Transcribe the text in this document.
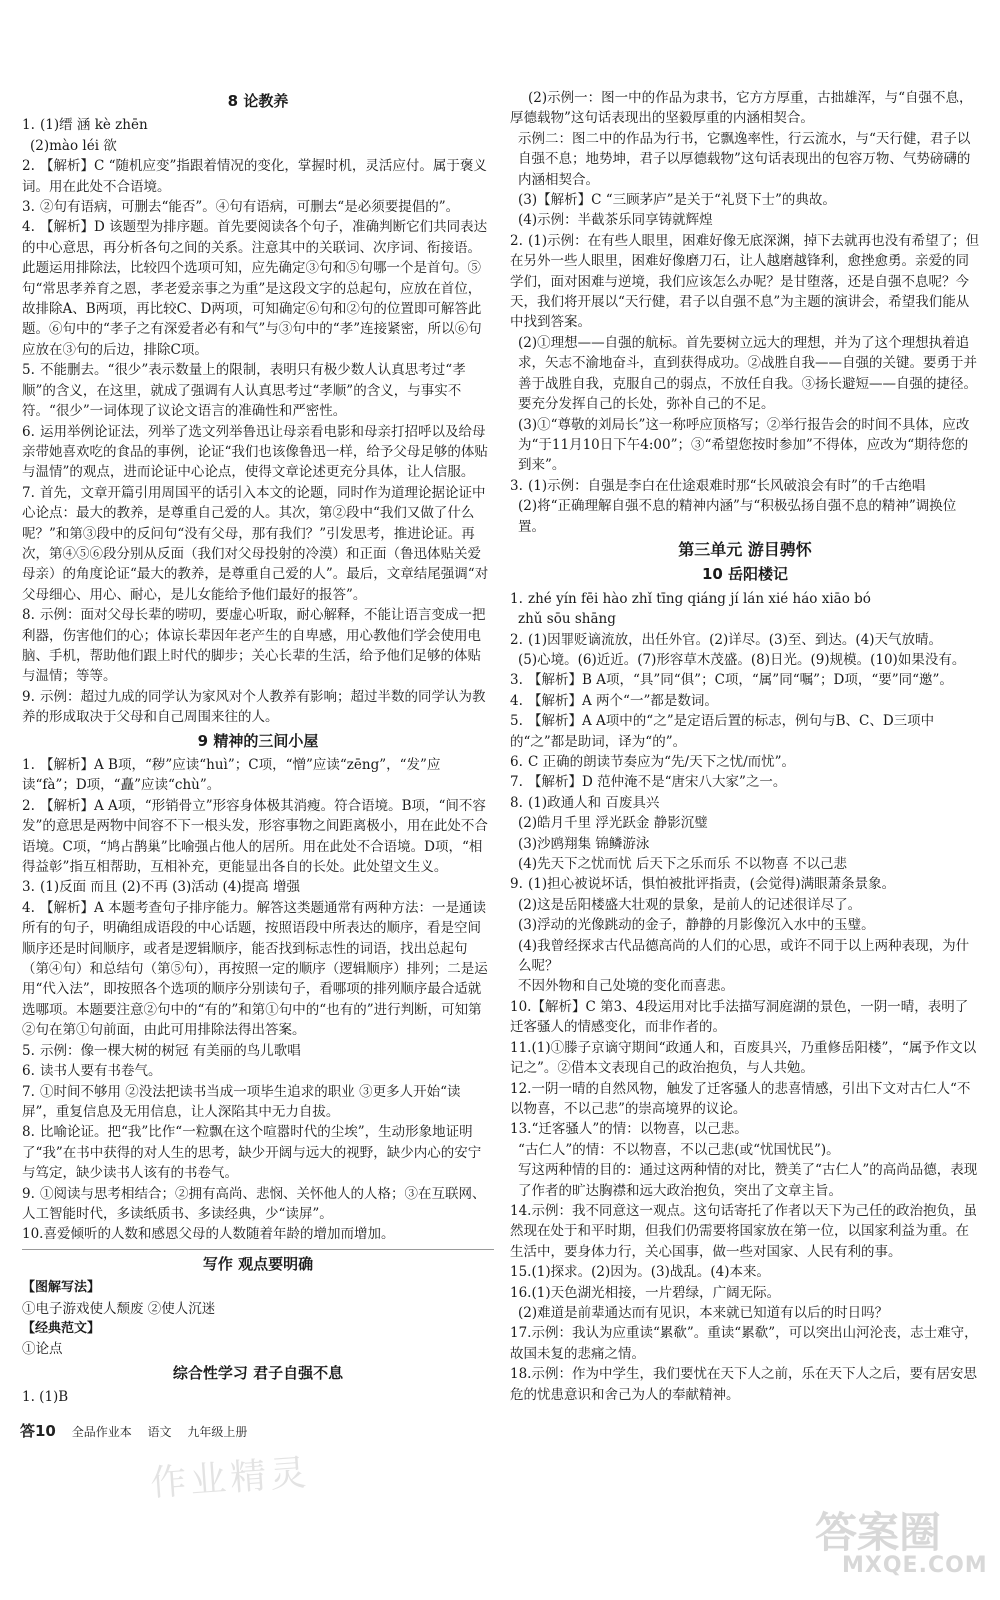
8 论教养
1. (1)缙 涵 kè zhēn
(2)mào léi 欲
2. 【解析】C “随机应变”指跟着情况的变化，掌握时机，灵活应付。属于褒义词。用在此处不合语境。
3. ②句有语病，可删去“能否”。④句有语病，可删去“是必须要提倡的”。
4. 【解析】D 该题型为排序题。首先要阅读各个句子，准确判断它们共同表达的中心意思，再分析各句之间的关系。注意其中的关联词、次序词、衔接语。此题运用排除法，比较四个选项可知，应先确定③句和⑤句哪一个是首句。⑤句“常思孝养育之恩，孝老爱亲事之为重”是这段文字的总起句，应放在首位，故排除A、B两项，再比较C、D两项，可知确定⑥句和②句的位置即可解答此题。⑥句中的“孝子之有深爱者必有和气”与③句中的“孝”连接紧密，所以⑥句应放在③句的后边，排除C项。
5. 不能删去。“很少”表示数量上的限制，表明只有极少数人认真思考过“孝顺”的含义，在这里，就成了强调有人认真思考过“孝顺”的含义，与事实不符。“很少”一词体现了议论文语言的准确性和严密性。
6. 运用举例论证法，列举了选文列举鲁迅让母亲看电影和母亲打招呼以及给母亲带她喜欢吃的食品的事例，论证“我们也该像鲁迅一样，给予父母足够的体贴与温情”的观点，进而论证中心论点，使得文章论述更充分具体，让人信服。
7. 首先，文章开篇引用周国平的话引入本文的论题，同时作为道理论据论证中心论点：最大的教养，是尊重自己爱的人。其次，第②段中“我们又做了什么呢？”和第③段中的反问句“没有父母，那有我们？”引发思考，推进论证。再次，第④⑤⑥段分别从反面（我们对父母投射的冷漠）和正面（鲁迅体贴关爱母亲）的角度论证“最大的教养，是尊重自己爱的人”。最后，文章结尾强调“对父母细心、用心、耐心，是儿女能给予他们最好的报答”。
8. 示例：面对父母长辈的唠叨，要虚心听取，耐心解释，不能让语言变成一把利器，伤害他们的心；体谅长辈因年老产生的自卑感，用心教他们学会使用电脑、手机，帮助他们跟上时代的脚步；关心长辈的生活，给予他们足够的体贴与温情；等等。
9. 示例：超过九成的同学认为家风对个人教养有影响；超过半数的同学认为教养的形成取决于父母和自己周围来往的人。
9 精神的三间小屋
1. 【解析】A B项，“秽”应读“huì”；C项，“憎”应读“zēng”，“发”应读“fà”；D项，“矗”应读“chù”。
2. 【解析】A A项，“形销骨立”形容身体极其消瘦。符合语境。B项，“间不容发”的意思是两物中间容不下一根头发，形容事物之间距离极小，用在此处不合语境。C项，“鸠占鹊巢”比喻强占他人的居所。用在此处不合语境。D项，“相得益彰”指互相帮助，互相补充，更能显出各自的长处。此处望文生义。
3. (1)反面 而且 (2)不再 (3)活动 (4)提高 增强
4. 【解析】A 本题考查句子排序能力。解答这类题通常有两种方法：一是通读所有的句子，明确组成语段的中心话题，按照语段中所表达的顺序，看是空间顺序还是时间顺序，或者是逻辑顺序，能否找到标志性的词语，找出总起句（第④句）和总结句（第⑤句），再按照一定的顺序（逻辑顺序）排列；二是运用“代入法”，即按照各个选项的顺序分别读句子，看哪项的排列顺序最合适就选哪项。本题要注意②句中的“有的”和第①句中的“也有的”进行判断，可知第②句在第①句前面，由此可用排除法得出答案。
5. 示例：像一棵大树的树冠 有美丽的鸟儿歌唱
6. 读书人要有书卷气。
7. ①时间不够用 ②没法把读书当成一项毕生追求的职业 ③更多人开始“读屏”，重复信息及无用信息，让人深陷其中无力自拔。
8. 比喻论证。把“我”比作“一粒飘在这个喧嚣时代的尘埃”，生动形象地证明了“我”在书中获得的对人生的思考，缺少开阔与远大的视野，缺少内心的安宁与笃定，缺少读书人该有的书卷气。
9. ①阅读与思考相结合；②拥有高尚、悲悯、关怀他人的人格；③在互联网、人工智能时代，多读纸质书、多读经典，少“读屏”。
10.喜爱倾听的人数和感恩父母的人数随着年龄的增加而增加。
写作 观点要明确
【图解写法】
①电子游戏使人颓废 ②使人沉迷
【经典范文】
①论点
综合性学习 君子自强不息
1. (1)B
(2)示例一：图一中的作品为隶书，它方方厚重，古拙雄浑，与“自强不息，厚德载物”这句话表现出的坚毅厚重的内涵相契合。
示例二：图二中的作品为行书，它飘逸率性，行云流水，与“天行健，君子以自强不息；地势坤，君子以厚德载物”这句话表现出的包容万物、气势磅礴的内涵相契合。
(3)【解析】C “三顾茅庐”是关于“礼贤下士”的典故。
(4)示例：半截茶乐同享铸就辉煌
2. (1)示例：在有些人眼里，困难好像无底深渊，掉下去就再也没有希望了；但在另外一些人眼里，困难好像磨刀石，让人越磨越锋利，愈挫愈勇。亲爱的同学们，面对困难与逆境，我们应该怎么办呢？是甘堕落，还是自强不息呢？今天，我们将开展以“天行健，君子以自强不息”为主题的演讲会，希望我们能从中找到答案。
(2)①理想——自强的航标。首先要树立远大的理想，并为了这个理想执着追求，矢志不渝地奋斗，直到获得成功。②战胜自我——自强的关键。要勇于并善于战胜自我，克服自己的弱点，不放任自我。③扬长避短——自强的捷径。要充分发挥自己的长处，弥补自己的不足。
(3)①“尊敬的刘局长”这一称呼应顶格写；②举行报告会的时间不具体，应改为“于11月10日下午4:00”；③“希望您按时参加”不得体，应改为“期待您的到来”。
3. (1)示例：自强是李白在仕途艰难时那“长风破浪会有时”的千古绝唱
(2)将“正确理解自强不息的精神内涵”与“积极弘扬自强不息的精神”调换位置。
第三单元 游目骋怀
10 岳阳楼记
1. zhé yín fēi hào zhǐ tīng qiáng jí lán xié háo xiāo bó
zhǔ sōu shāng
2. (1)因罪贬谪流放，出任外官。(2)详尽。(3)至、到达。(4)天气放晴。
(5)心境。(6)近近。(7)形容草木茂盛。(8)日光。(9)规模。(10)如果没有。
3. 【解析】B A项，“具”同“俱”；C项，“属”同“嘱”；D项，“要”同“邀”。
4. 【解析】A 两个“一”都是数词。
5. 【解析】A A项中的“之”是定语后置的标志，例句与B、C、D三项中的“之”都是助词，译为“的”。
6. C 正确的朗读节奏应为“先/天下之忧/而忧”。
7. 【解析】D 范仲淹不是“唐宋八大家”之一。
8. (1)政通人和 百废具兴
(2)皓月千里 浮光跃金 静影沉璧
(3)沙鸥翔集 锦鳞游泳
(4)先天下之忧而忧 后天下之乐而乐 不以物喜 不以己悲
9. (1)担心被说坏话，惧怕被批评指责，(会觉得)满眼萧条景象。
(2)这是岳阳楼盛大壮观的景象，是前人的记述很详尽了。
(3)浮动的光像跳动的金子，静静的月影像沉入水中的玉璧。
(4)我曾经探求古代品德高尚的人们的心思，或许不同于以上两种表现，为什么呢？
不因外物和自己处境的变化而喜悲。
10.【解析】C 第3、4段运用对比手法描写洞庭湖的景色，一阴一晴，表明了迁客骚人的情感变化，而非作者的。
11.(1)①滕子京谪守期间“政通人和，百废具兴，乃重修岳阳楼”，“属予作文以记之”。②借本文表现自己的政治抱负，与人共勉。
12.一阴一晴的自然风物，触发了迁客骚人的悲喜情感，引出下文对古仁人“不以物喜，不以己悲”的崇高境界的议论。
13.“迁客骚人”的情：以物喜，以己悲。
“古仁人”的情：不以物喜，不以己悲(或“忧国忧民”)。
写这两种情的目的：通过这两种情的对比，赞美了“古仁人”的高尚品德，表现了作者的旷达胸襟和远大政治抱负，突出了文章主旨。
14.示例：我不同意这一观点。这句话寄托了作者以天下为己任的政治抱负，虽然现在处于和平时期，但我们仍需要将国家放在第一位，以国家利益为重。在生活中，要身体力行，关心国事，做一些对国家、人民有利的事。
15.(1)探求。(2)因为。(3)战乱。(4)本来。
16.(1)天色湖光相接，一片碧绿，广阔无际。
(2)难道是前辈通达而有见识，本来就已知道有以后的时日吗？
17.示例：我认为应重读“累欷”。重读“累欷”，可以突出山河沦丧，志士难守，故国未复的悲痛之情。
18.示例：作为中学生，我们要忧在天下人之前，乐在天下人之后，要有居安思危的忧患意识和舍己为人的奉献精神。
答10 全品作业本 语文 九年级上册
作业精灵
答案圈
MXQE.COM
